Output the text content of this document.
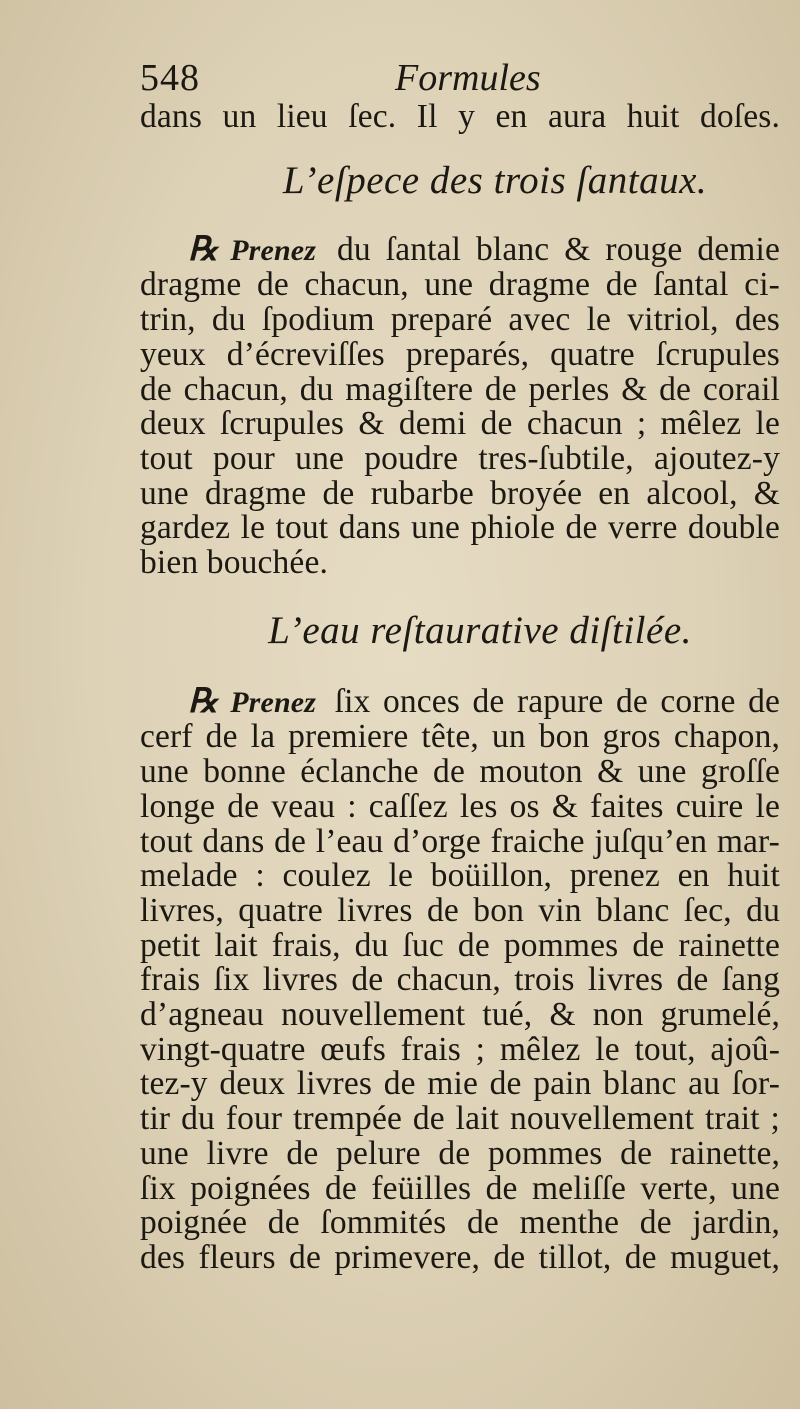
548	Formules
dans un lieu ſec. Il y en aura huit doſes.
L’eſpece des trois ſantaux.
℞ Prenez du ſantal blanc & rouge demie
dragme de chacun, une dragme de ſantal ci-
trin, du ſpodium preparé avec le vitriol, des
yeux d’écreviſſes preparés, quatre ſcrupules
de chacun, du magiſtere de perles & de corail
deux ſcrupules & demi de chacun ; mêlez le
tout pour une poudre tres-ſubtile, ajoutez-y
une dragme de rubarbe broyée en alcool, &
gardez le tout dans une phiole de verre double
bien bouchée.
L’eau reſtaurative diſtilée.
℞ Prenez ſix onces de rapure de corne de
cerf de la premiere tête, un bon gros chapon,
une bonne éclanche de mouton & une groſſe
longe de veau : caſſez les os & faites cuire le
tout dans de l’eau d’orge fraiche juſqu’en mar-
melade : coulez le boüillon, prenez en huit
livres, quatre livres de bon vin blanc ſec, du
petit lait frais, du ſuc de pommes de rainette
frais ſix livres de chacun, trois livres de ſang
d’agneau nouvellement tué, & non grumelé,
vingt-quatre œufs frais ; mêlez le tout, ajoû-
tez-y deux livres de mie de pain blanc au ſor-
tir du four trempée de lait nouvellement trait ;
une livre de pelure de pommes de rainette,
ſix poignées de feüilles de meliſſe verte, une
poignée de ſommités de menthe de jardin,
des fleurs de primevere, de tillot, de muguet,
